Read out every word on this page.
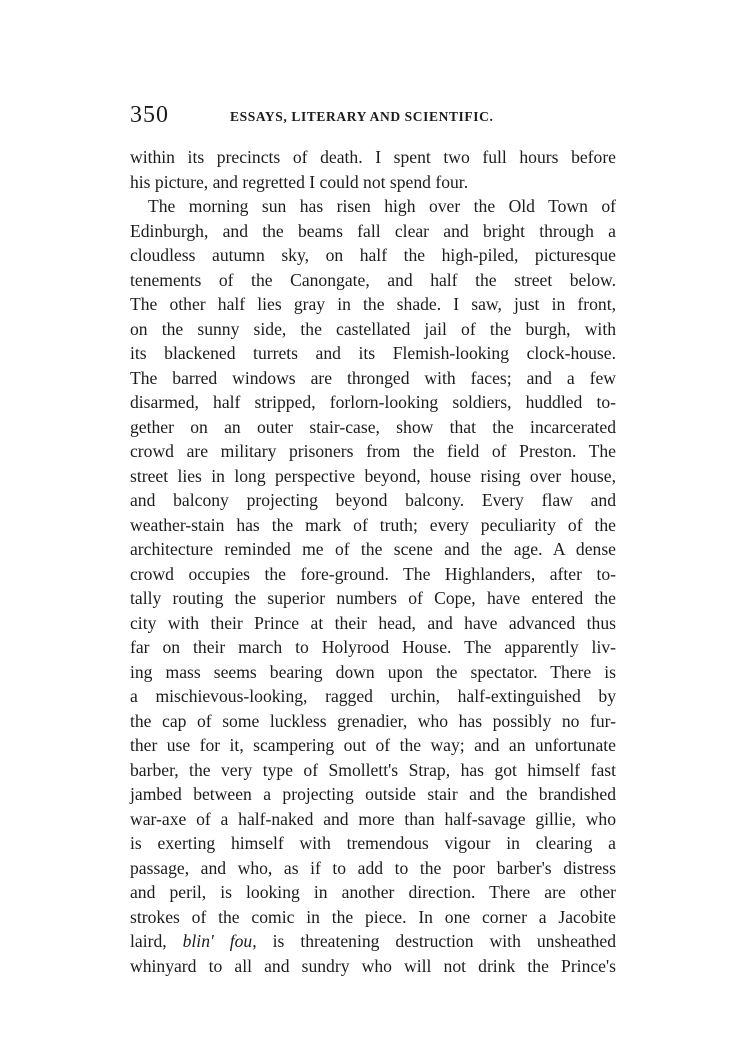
350	ESSAYS, LITERARY AND SCIENTIFIC.
within its precincts of death. I spent two full hours before
his picture, and regretted I could not spend four.
The morning sun has risen high over the Old Town of
Edinburgh, and the beams fall clear and bright through a
cloudless autumn sky, on half the high-piled, picturesque
tenements of the Canongate, and half the street below.
The other half lies gray in the shade. I saw, just in front,
on the sunny side, the castellated jail of the burgh, with
its blackened turrets and its Flemish-looking clock-house.
The barred windows are thronged with faces; and a few
disarmed, half stripped, forlorn-looking soldiers, huddled to-
gether on an outer stair-case, show that the incarcerated
crowd are military prisoners from the field of Preston. The
street lies in long perspective beyond, house rising over house,
and balcony projecting beyond balcony. Every flaw and
weather-stain has the mark of truth; every peculiarity of the
architecture reminded me of the scene and the age. A dense
crowd occupies the fore-ground. The Highlanders, after to-
tally routing the superior numbers of Cope, have entered the
city with their Prince at their head, and have advanced thus
far on their march to Holyrood House. The apparently liv-
ing mass seems bearing down upon the spectator. There is
a mischievous-looking, ragged urchin, half-extinguished by
the cap of some luckless grenadier, who has possibly no fur-
ther use for it, scampering out of the way; and an unfortunate
barber, the very type of Smollett's Strap, has got himself fast
jambed between a projecting outside stair and the brandished
war-axe of a half-naked and more than half-savage gillie, who
is exerting himself with tremendous vigour in clearing a
passage, and who, as if to add to the poor barber's distress
and peril, is looking in another direction. There are other
strokes of the comic in the piece. In one corner a Jacobite
laird, blin' fou, is threatening destruction with unsheathed
whinyard to all and sundry who will not drink the Prince's
